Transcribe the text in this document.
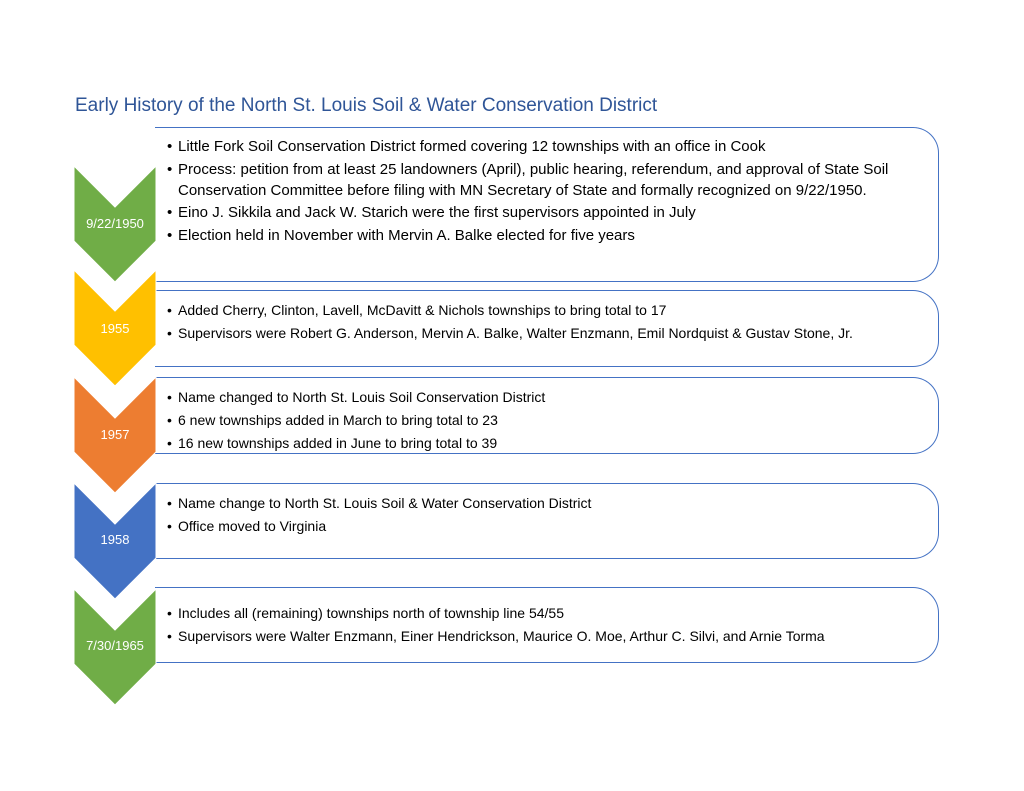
Early History of the North St. Louis Soil & Water Conservation District
• Little Fork Soil Conservation District formed covering 12 townships with an office in Cook
• Process: petition from at least 25 landowners (April), public hearing, referendum, and approval of State Soil Conservation Committee before filing with MN Secretary of State and formally recognized on 9/22/1950.
• Eino J. Sikkila and Jack W. Starich were the first supervisors appointed in July
• Election held in November with Mervin A. Balke elected for five years
9/22/1950
• Added Cherry, Clinton, Lavell, McDavitt & Nichols townships to bring total to 17
• Supervisors were Robert G. Anderson, Mervin A. Balke, Walter Enzmann, Emil Nordquist & Gustav Stone, Jr.
1955
• Name changed to North St. Louis Soil Conservation District
• 6 new townships added in March to bring total to 23
• 16 new townships added in June to bring total to 39
1957
• Name change to North St. Louis Soil & Water Conservation District
• Office moved to Virginia
1958
• Includes all (remaining) townships north of township line 54/55
• Supervisors were Walter Enzmann, Einer Hendrickson, Maurice O. Moe, Arthur C. Silvi, and Arnie Torma
7/30/1965
